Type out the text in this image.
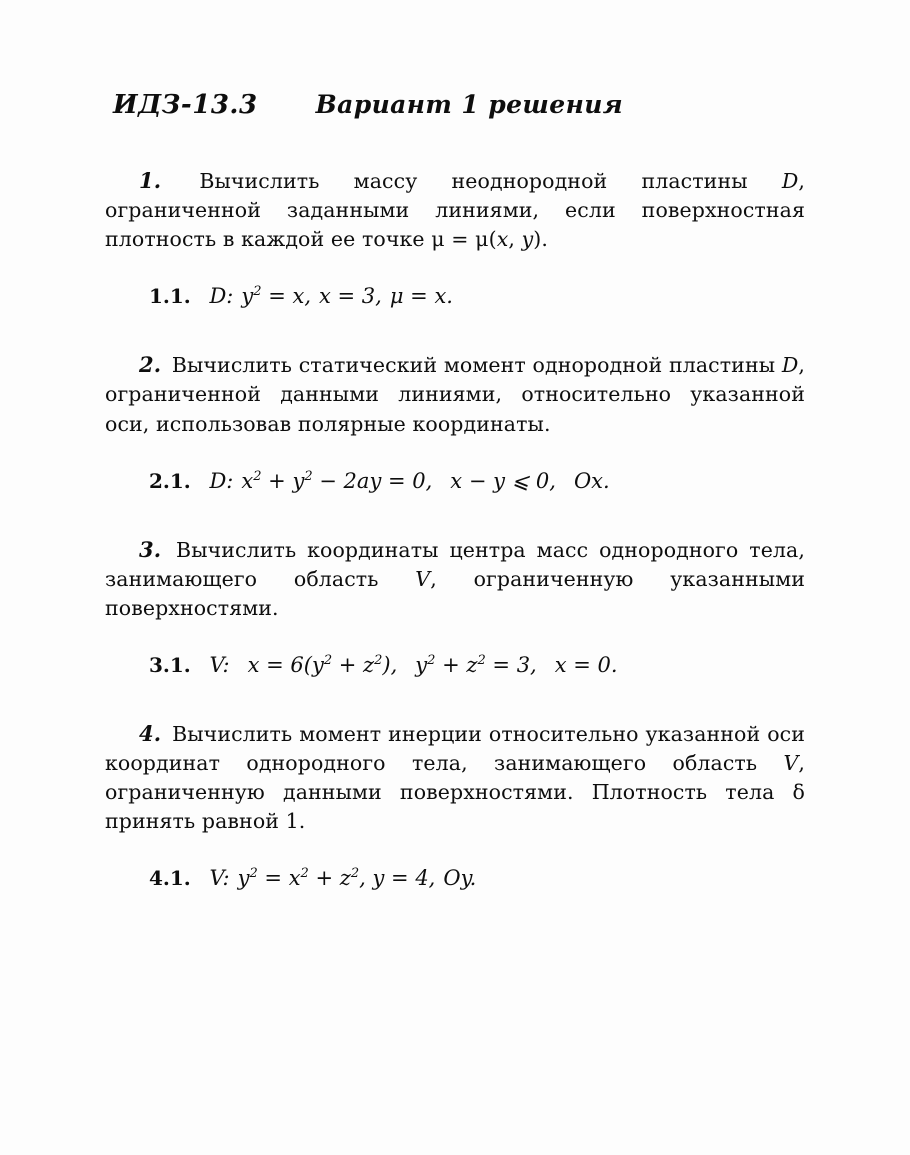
ИДЗ-13.3 Вариант 1 решения
1. Вычислить массу неоднородной пластины D, ограниченной заданными линиями, если поверхностная плотность в каждой ее точке μ = μ(x, y).
1.1. D: $y^2 = x$, x = 3, μ = x.
2. Вычислить статический момент однородной пластины D, ограниченной данными линиями, относительно указанной оси, использовав полярные координаты.
2.1. D: $x^2 + y^2 - 2ay = 0$, x − y ⩽ 0, Ox.
3. Вычислить координаты центра масс однородного тела, занимающего область V, ограниченную указанными поверхностями.
3.1. V: $x = 6(y^2 + z^2)$, $y^2 + z^2 = 3$, x = 0.
4. Вычислить момент инерции относительно указанной оси координат однородного тела, занимающего область V, ограниченную данными поверхностями. Плотность тела δ принять равной 1.
4.1. V: $y^2 = x^2 + z^2$, y = 4, Oy.
